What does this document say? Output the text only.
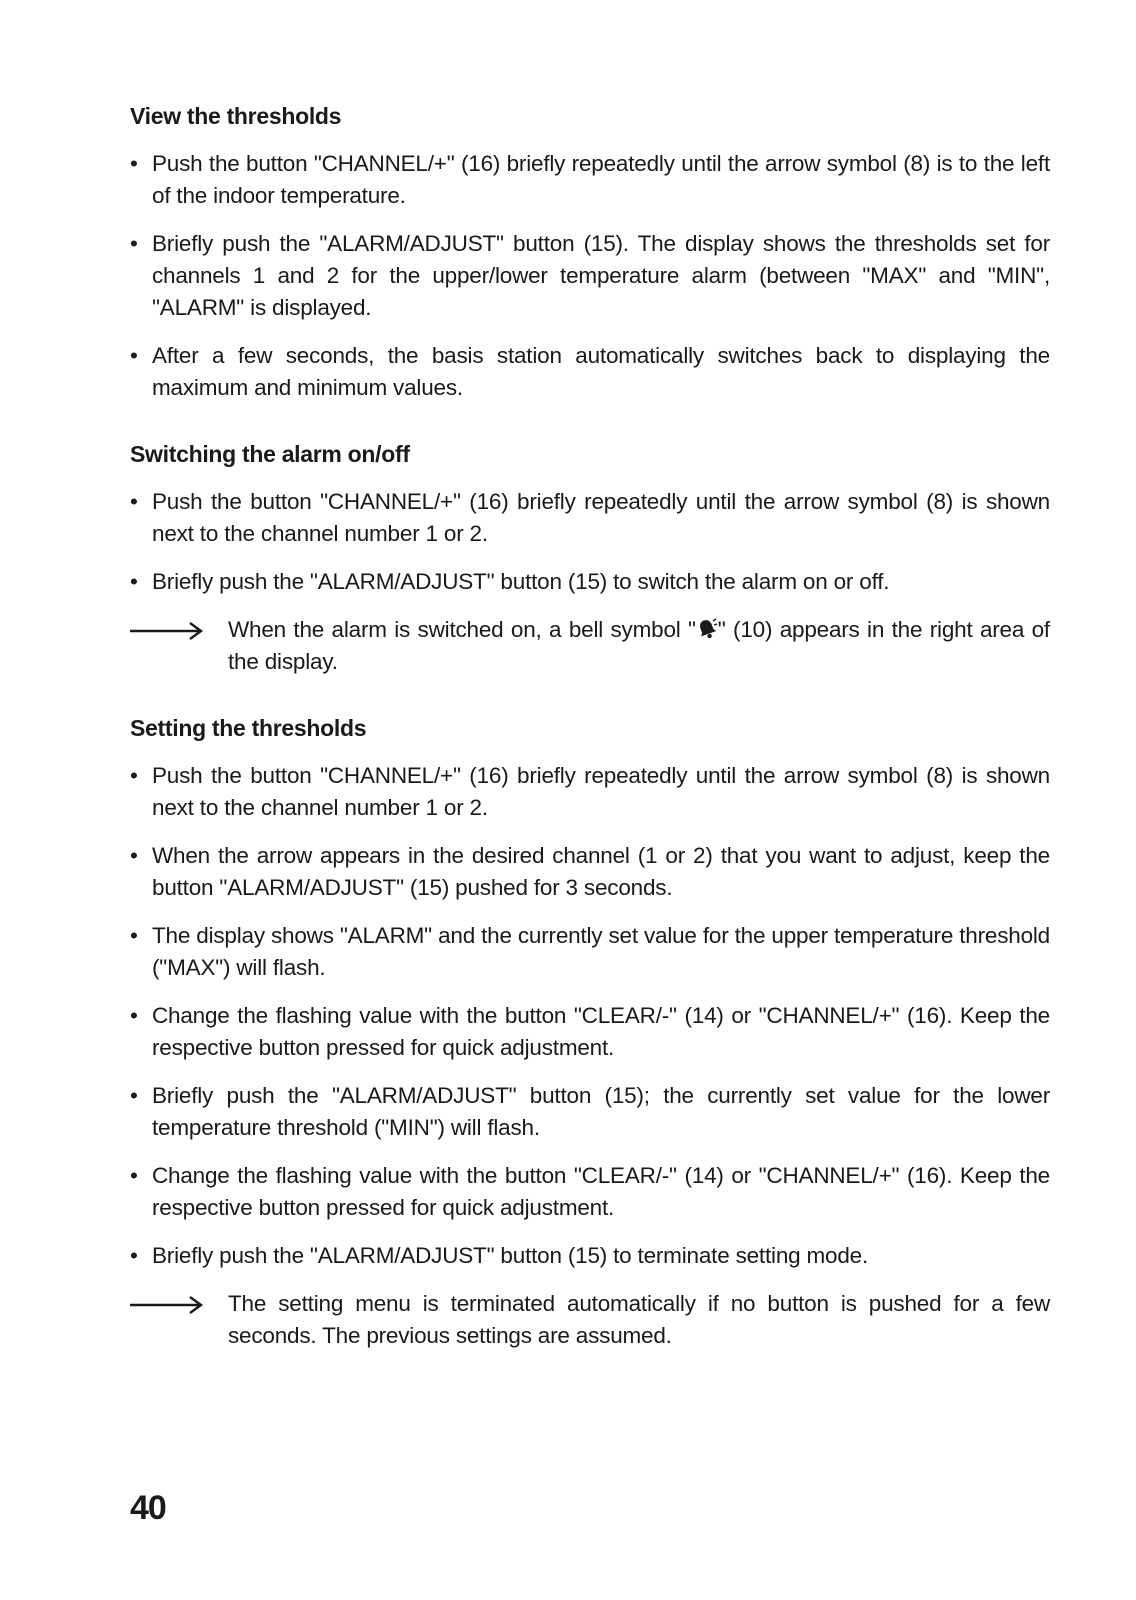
View the thresholds
• Push the button "CHANNEL/+" (16) briefly repeatedly until the arrow symbol (8) is to the left of the indoor temperature.
• Briefly push the "ALARM/ADJUST" button (15). The display shows the thresholds set for channels 1 and 2 for the upper/lower temperature alarm (between "MAX" and "MIN", "ALARM" is displayed.
• After a few seconds, the basis station automatically switches back to displaying the maximum and minimum values.
Switching the alarm on/off
• Push the button "CHANNEL/+" (16) briefly repeatedly until the arrow symbol (8) is shown next to the channel number 1 or 2.
• Briefly push the "ALARM/ADJUST" button (15) to switch the alarm on or off.
When the alarm is switched on, a bell symbol " " (10) appears in the right area of the display.
Setting the thresholds
• Push the button "CHANNEL/+" (16) briefly repeatedly until the arrow symbol (8) is shown next to the channel number 1 or 2.
• When the arrow appears in the desired channel (1 or 2) that you want to adjust, keep the button "ALARM/ADJUST" (15) pushed for 3 seconds.
• The display shows "ALARM" and the currently set value for the upper temperature threshold ("MAX") will flash.
• Change the flashing value with the button "CLEAR/-" (14) or "CHANNEL/+" (16). Keep the respective button pressed for quick adjustment.
• Briefly push the "ALARM/ADJUST" button (15); the currently set value for the lower temperature threshold ("MIN") will flash.
• Change the flashing value with the button "CLEAR/-" (14) or "CHANNEL/+" (16). Keep the respective button pressed for quick adjustment.
• Briefly push the "ALARM/ADJUST" button (15) to terminate setting mode.
The setting menu is terminated automatically if no button is pushed for a few seconds. The previous settings are assumed.
40
